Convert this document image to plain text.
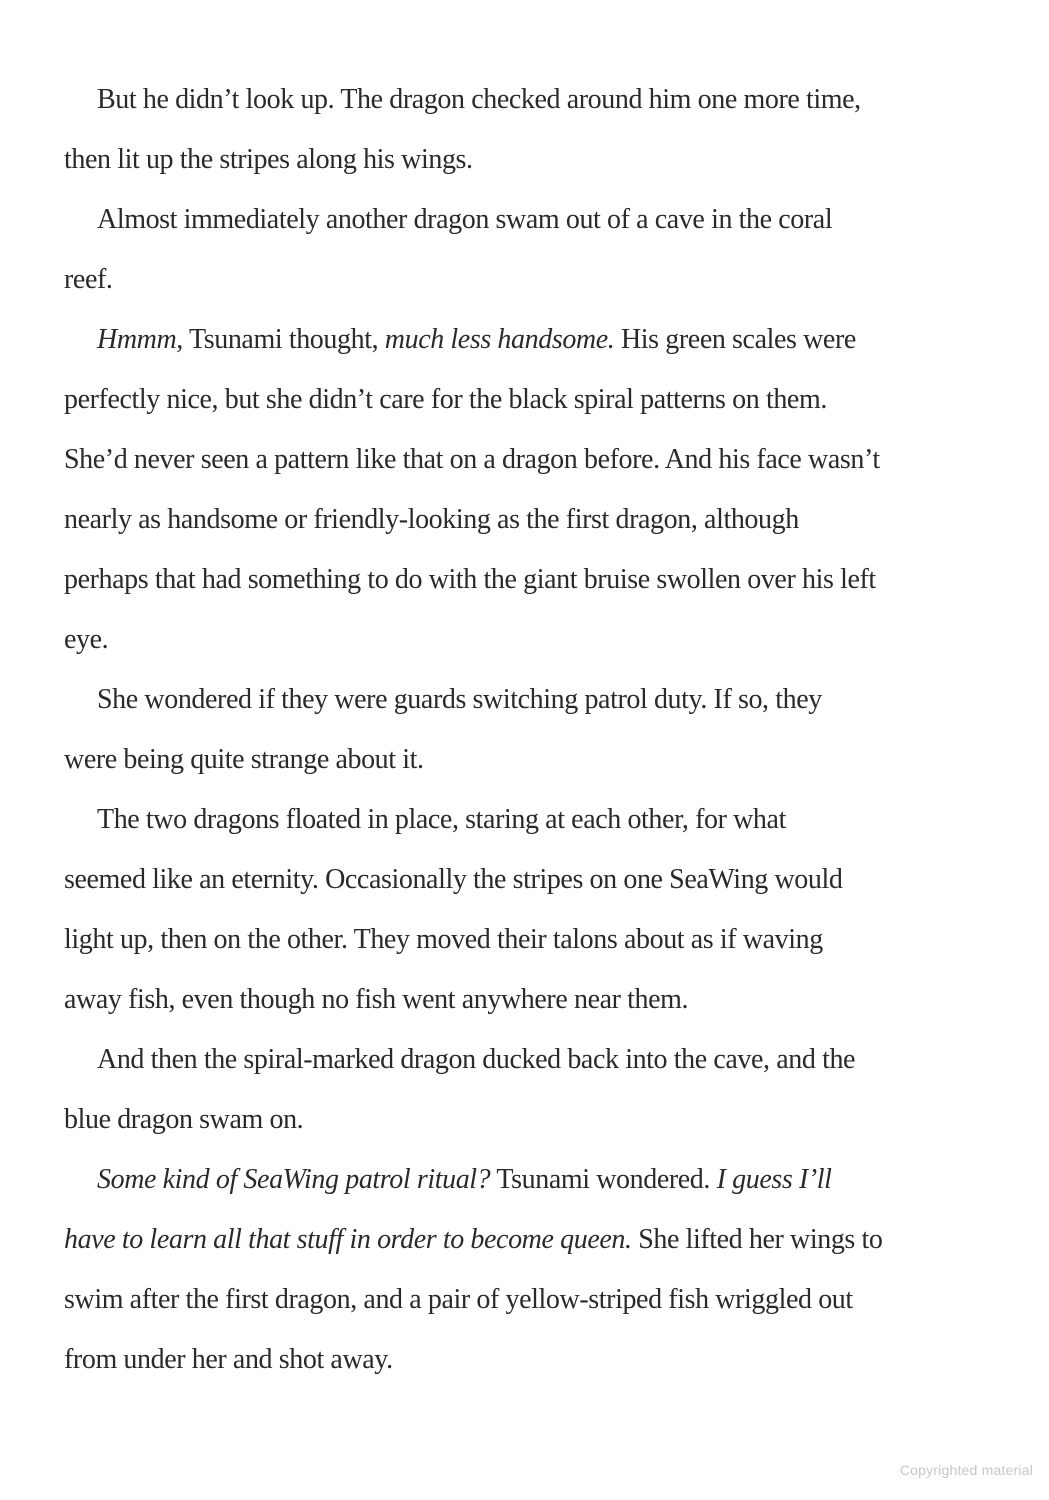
But he didn’t look up. The dragon checked around him one more time,
then lit up the stripes along his wings.
Almost immediately another dragon swam out of a cave in the coral
reef.
Hmmm, Tsunami thought, much less handsome. His green scales were
perfectly nice, but she didn’t care for the black spiral patterns on them.
She’d never seen a pattern like that on a dragon before. And his face wasn’t
nearly as handsome or friendly-looking as the first dragon, although
perhaps that had something to do with the giant bruise swollen over his left
eye.
She wondered if they were guards switching patrol duty. If so, they
were being quite strange about it.
The two dragons floated in place, staring at each other, for what
seemed like an eternity. Occasionally the stripes on one SeaWing would
light up, then on the other. They moved their talons about as if waving
away fish, even though no fish went anywhere near them.
And then the spiral-marked dragon ducked back into the cave, and the
blue dragon swam on.
Some kind of SeaWing patrol ritual? Tsunami wondered. I guess I’ll
have to learn all that stuff in order to become queen. She lifted her wings to
swim after the first dragon, and a pair of yellow-striped fish wriggled out
from under her and shot away.
Copyrighted material
